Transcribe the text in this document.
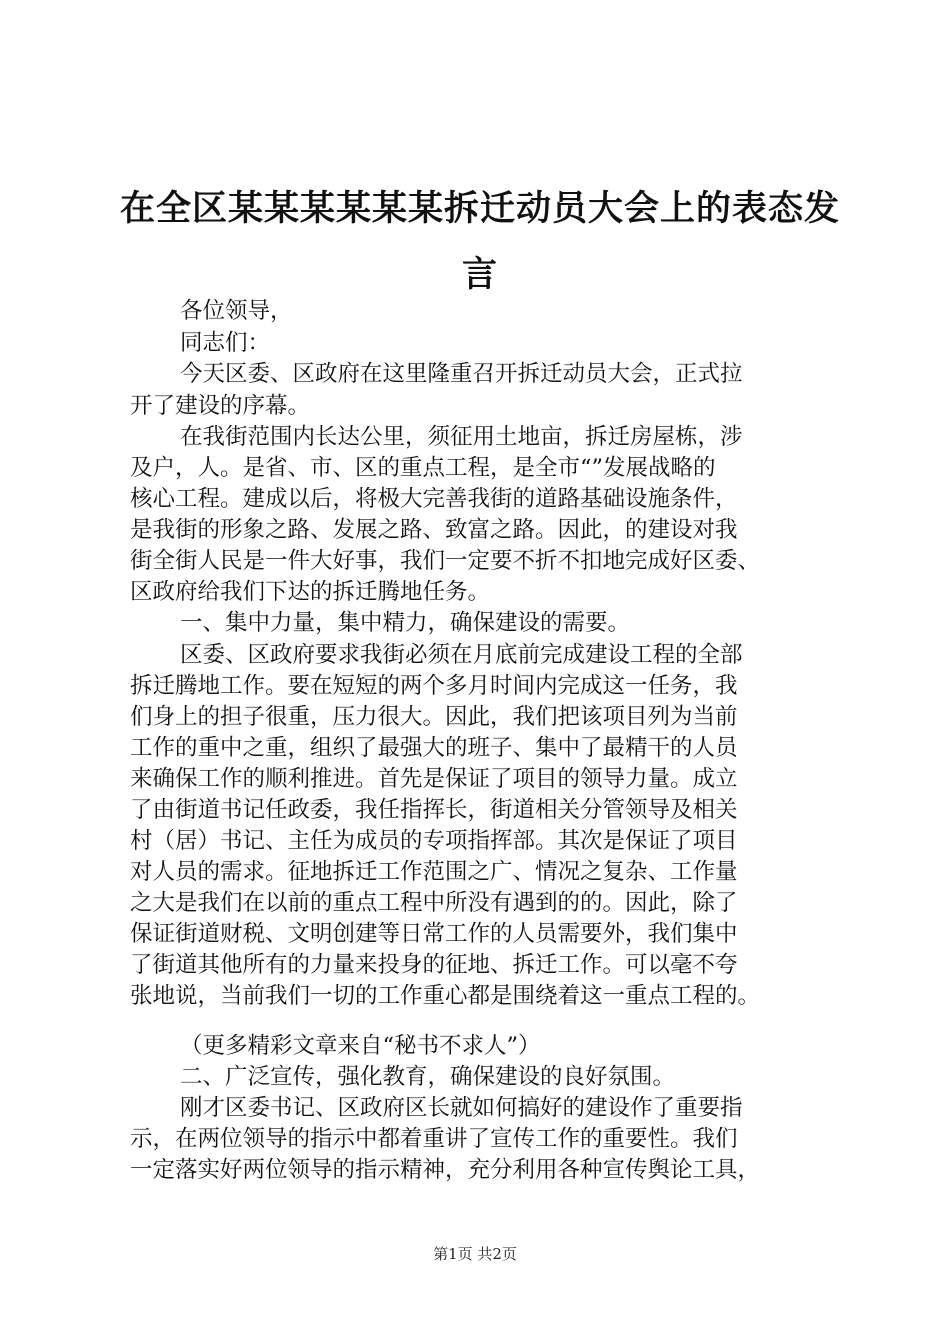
在全区某某某某某某拆迁动员大会上的表态发
言

各位领导，

同志们：

今天区委、区政府在这里隆重召开拆迁动员大会，正式拉

开了建设的序幕。

在我街范围内长达公里，须征用土地亩，拆迁房屋栋，涉

及户，人。是省、市、区的重点工程，是全市“”发展战略的

核心工程。建成以后，将极大完善我街的道路基础设施条件，

是我街的形象之路、发展之路、致富之路。因此，的建设对我

街全街人民是一件大好事，我们一定要不折不扣地完成好区委、

区政府给我们下达的拆迁腾地任务。

一、集中力量，集中精力，确保建设的需要。

区委、区政府要求我街必须在月底前完成建设工程的全部

拆迁腾地工作。要在短短的两个多月时间内完成这一任务，我

们身上的担子很重，压力很大。因此，我们把该项目列为当前

工作的重中之重，组织了最强大的班子、集中了最精干的人员

来确保工作的顺利推进。首先是保证了项目的领导力量。成立

了由街道书记任政委，我任指挥长，街道相关分管领导及相关

村（居）书记、主任为成员的专项指挥部。其次是保证了项目

对人员的需求。征地拆迁工作范围之广、情况之复杂、工作量

之大是我们在以前的重点工程中所没有遇到的的。因此，除了

保证街道财税、文明创建等日常工作的人员需要外，我们集中

了街道其他所有的力量来投身的征地、拆迁工作。可以毫不夸

张地说，当前我们一切的工作重心都是围绕着这一重点工程的。

（更多精彩文章来自“秘书不求人”）

二、广泛宣传，强化教育，确保建设的良好氛围。

刚才区委书记、区政府区长就如何搞好的建设作了重要指

示，在两位领导的指示中都着重讲了宣传工作的重要性。我们

一定落实好两位领导的指示精神，充分利用各种宣传舆论工具，

第1页 共2页
